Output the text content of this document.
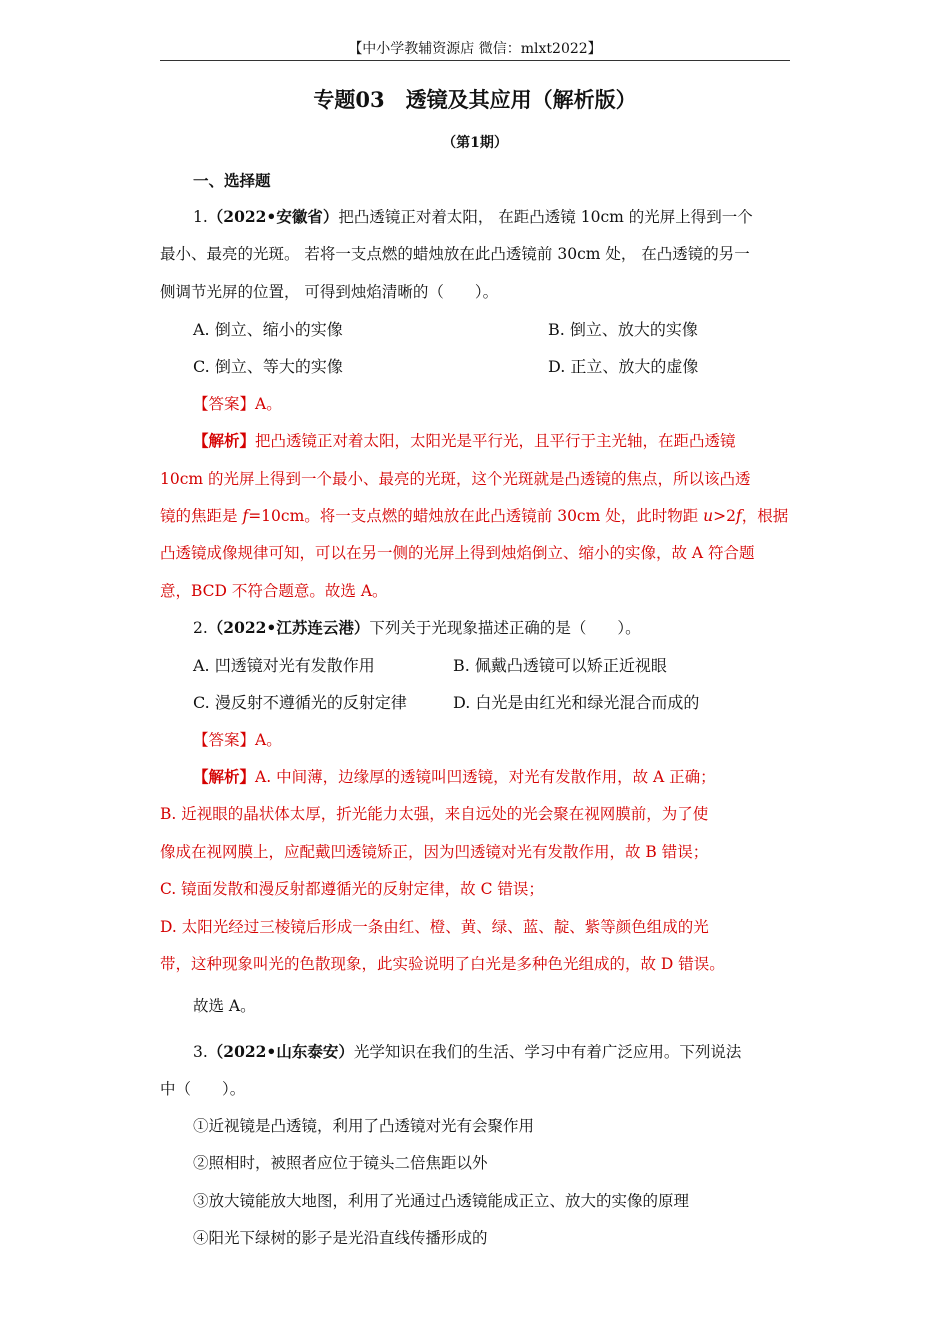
【中小学教辅资源店 微信：mlxt2022】
专题03　透镜及其应用（解析版）
（第1期）
一、选择题
1.（2022•安徽省）把凸透镜正对着太阳， 在距凸透镜 10cm 的光屏上得到一个
最小、最亮的光斑。 若将一支点燃的蜡烛放在此凸透镜前 30cm 处， 在凸透镜的另一
侧调节光屏的位置， 可得到烛焰清晰的（　　）。
A. 倒立、缩小的实像	B. 倒立、放大的实像
C. 倒立、等大的实像	D. 正立、放大的虚像
【答案】A。
【解析】把凸透镜正对着太阳，太阳光是平行光，且平行于主光轴，在距凸透镜
10cm 的光屏上得到一个最小、最亮的光斑，这个光斑就是凸透镜的焦点，所以该凸透
镜的焦距是 f=10cm。将一支点燃的蜡烛放在此凸透镜前 30cm 处，此时物距 u>2f，根据
凸透镜成像规律可知，可以在另一侧的光屏上得到烛焰倒立、缩小的实像，故 A 符合题
意，BCD 不符合题意。故选 A。
2.（2022•江苏连云港）下列关于光现象描述正确的是（　　）。
A. 凹透镜对光有发散作用	B. 佩戴凸透镜可以矫正近视眼
C. 漫反射不遵循光的反射定律	D. 白光是由红光和绿光混合而成的
【答案】A。
【解析】A. 中间薄，边缘厚的透镜叫凹透镜，对光有发散作用，故 A 正确；
B. 近视眼的晶状体太厚，折光能力太强，来自远处的光会聚在视网膜前，为了使
像成在视网膜上，应配戴凹透镜矫正，因为凹透镜对光有发散作用，故 B 错误；
C. 镜面发散和漫反射都遵循光的反射定律，故 C 错误；
D. 太阳光经过三棱镜后形成一条由红、橙、黄、绿、蓝、靛、紫等颜色组成的光
带，这种现象叫光的色散现象，此实验说明了白光是多种色光组成的，故 D 错误。
故选 A。
3.（2022•山东泰安）光学知识在我们的生活、学习中有着广泛应用。下列说法
中（　　）。
①近视镜是凸透镜，利用了凸透镜对光有会聚作用
②照相时，被照者应位于镜头二倍焦距以外
③放大镜能放大地图，利用了光通过凸透镜能成正立、放大的实像的原理
④阳光下绿树的影子是光沿直线传播形成的
